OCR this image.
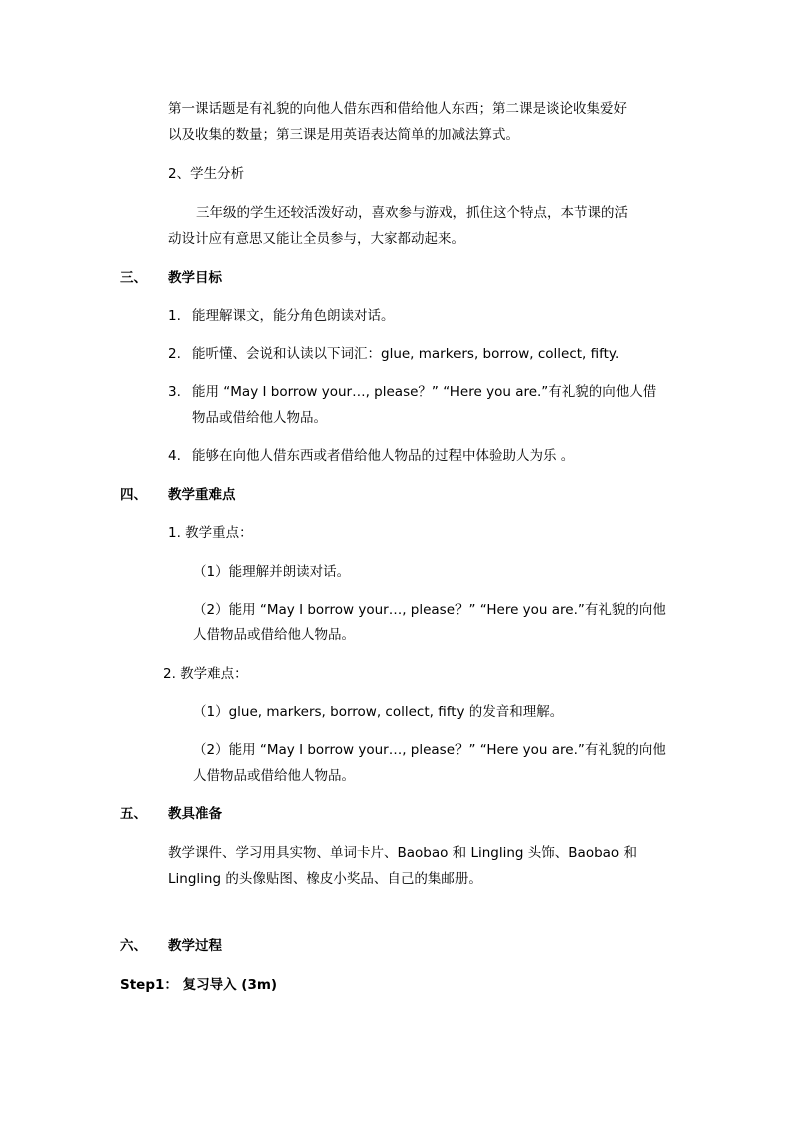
第一课话题是有礼貌的向他人借东西和借给他人东西；第二课是谈论收集爱好
以及收集的数量；第三课是用英语表达简单的加减法算式。
2、学生分析
三年级的学生还较活泼好动，喜欢参与游戏，抓住这个特点，本节课的活
动设计应有意思又能让全员参与，大家都动起来。
三、 教学目标
1. 能理解课文，能分角色朗读对话。
2. 能听懂、会说和认读以下词汇：glue, markers, borrow, collect, fifty.
3. 能用 “May I borrow your…, please？” “Here you are.”有礼貌的向他人借
物品或借给他人物品。
4. 能够在向他人借东西或者借给他人物品的过程中体验助人为乐 。
四、 教学重难点
1. 教学重点：
（1）能理解并朗读对话。
（2）能用 “May I borrow your…, please？” “Here you are.”有礼貌的向他
人借物品或借给他人物品。
2. 教学难点：
（1）glue, markers, borrow, collect, fifty 的发音和理解。
（2）能用 “May I borrow your…, please？” “Here you are.”有礼貌的向他
人借物品或借给他人物品。
五、 教具准备
教学课件、学习用具实物、单词卡片、Baobao 和 Lingling 头饰、Baobao 和
Lingling 的头像贴图、橡皮小奖品、自己的集邮册。
六、 教学过程
Step1： 复习导入 (3m)
